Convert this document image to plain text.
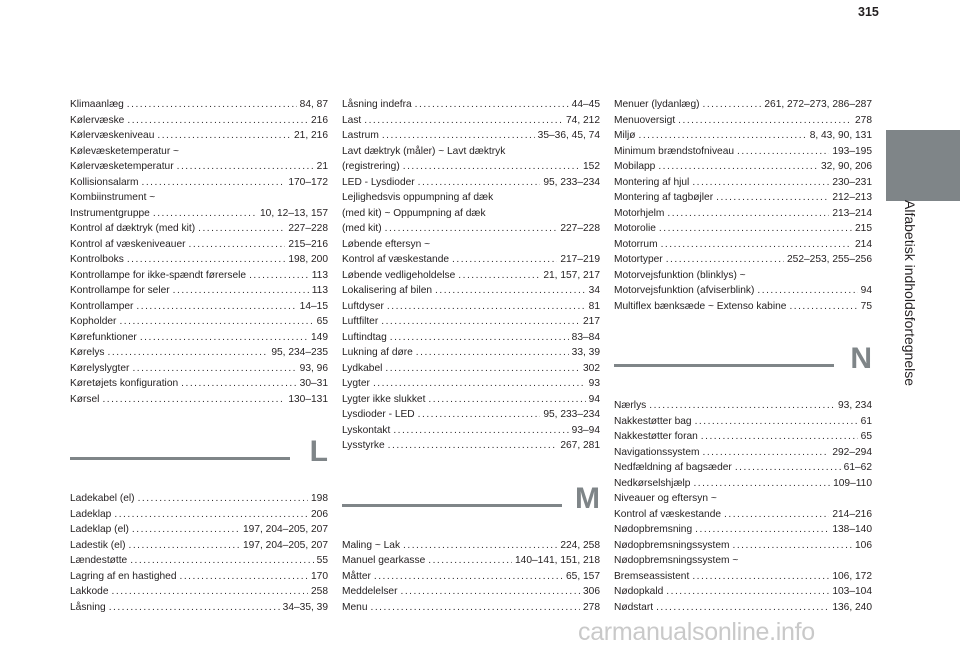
315
Alfabetisk indholdsfortegnelse
Klimaanlæg .....	84, 87
Kølervæske .....	216
Kølervæskeniveau .....	21, 216
Kølevæsketemperatur ~
Kølervæsketemperatur .....	21
Kollisionsalarm .....	170–172
Kombiinstrument ~
Instrumentgruppe .....	10, 12–13, 157
Kontrol af dæktryk (med kit) .....	227–228
Kontrol af væskeniveauer .....	215–216
Kontrolboks .....	198, 200
Kontrollampe for ikke-spændt førersele .....	113
Kontrollampe for seler .....	113
Kontrollamper .....	14–15
Kopholder .....	65
Kørefunktioner .....	149
Kørelys .....	95, 234–235
Kørelyslygter .....	93, 96
Køretøjets konfiguration .....	30–31
Kørsel .....	130–131
L
Ladekabel (el) .....	198
Ladeklap .....	206
Ladeklap (el) .....	197, 204–205, 207
Ladestik (el) .....	197, 204–205, 207
Lændestøtte .....	55
Lagring af en hastighed .....	170
Lakkode .....	258
Låsning .....	34–35, 39
Låsning indefra .....	44–45
Last .....	74, 212
Lastrum .....	35–36, 45, 74
Lavt dæktryk (måler) ~ Lavt dæktryk
(registrering) .....	152
LED - Lysdioder .....	95, 233–234
Lejlighedsvis oppumpning af dæk
(med kit) ~ Oppumpning af dæk
(med kit) .....	227–228
Løbende eftersyn ~
Kontrol af væskestande .....	217–219
Løbende vedligeholdelse .....	21, 157, 217
Lokalisering af bilen .....	34
Luftdyser .....	81
Luftfilter .....	217
Luftindtag .....	83–84
Lukning af døre .....	33, 39
Lydkabel .....	302
Lygter .....	93
Lygter ikke slukket .....	94
Lysdioder - LED .....	95, 233–234
Lyskontakt .....	93–94
Lysstyrke .....	267, 281
M
Maling ~ Lak .....	224, 258
Manuel gearkasse .....	140–141, 151, 218
Måtter .....	65, 157
Meddelelser .....	306
Menu .....	278
Menuer (lydanlæg) .....	261, 272–273, 286–287
Menuoversigt .....	278
Miljø .....	8, 43, 90, 131
Minimum brændstofniveau .....	193–195
Mobilapp .....	32, 90, 206
Montering af hjul .....	230–231
Montering af tagbøjler .....	212–213
Motorhjelm .....	213–214
Motorolie .....	215
Motorrum .....	214
Motortyper .....	252–253, 255–256
Motorvejsfunktion (blinklys) ~
Motorvejsfunktion (afviserblink) .....	94
Multiflex bænksæde ~ Extenso kabine .....	75
N
Nærlys .....	93, 234
Nakkestøtter bag .....	61
Nakkestøtter foran .....	65
Navigationssystem .....	292–294
Nedfældning af bagsæder .....	61–62
Nedkørselshjælp .....	109–110
Niveauer og eftersyn ~
Kontrol af væskestande .....	214–216
Nødopbremsning .....	138–140
Nødopbremsningssystem .....	106
Nødopbremsningssystem ~
Bremseassistent .....	106, 172
Nødopkald .....	103–104
Nødstart .....	136, 240
carmanualsonline.info
